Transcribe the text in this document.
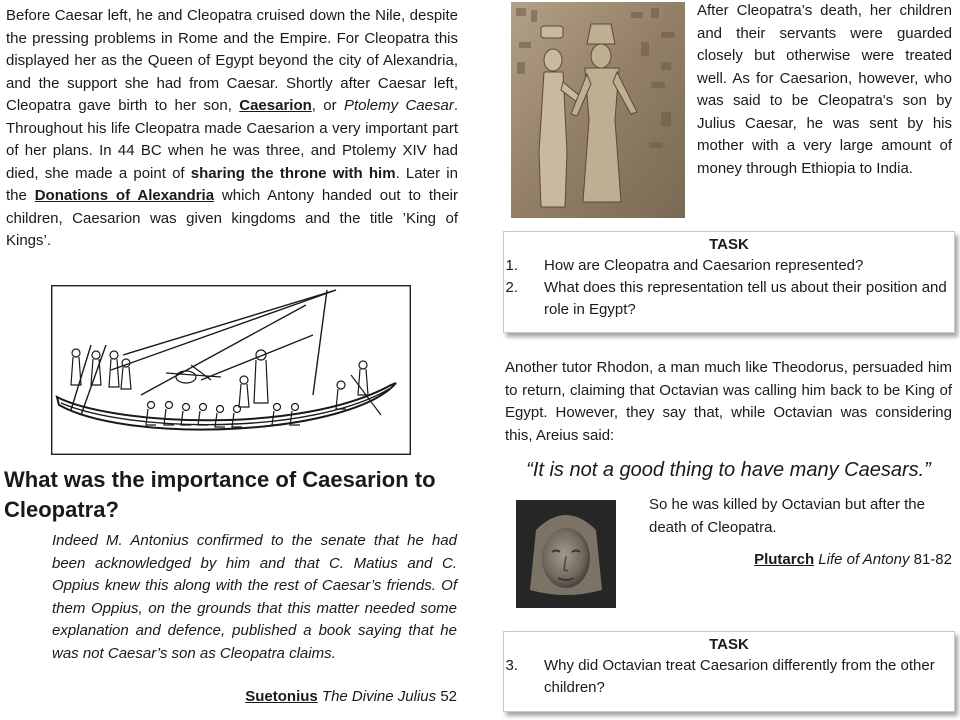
Before Caesar left, he and Cleopatra cruised down the Nile, despite the pressing problems in Rome and the Empire. For Cleopatra this displayed her as the Queen of Egypt beyond the city of Alexandria, and the support she had from Caesar. Shortly after Caesar left, Cleopatra gave birth to her son, Caesarion, or Ptolemy Caesar. Throughout his life Cleopatra made Caesarion a very important part of her plans. In 44 BC when he was three, and Ptolemy XIV had died, she made a point of sharing the throne with him. Later in the Donations of Alexandria which Antony handed out to their children, Caesarion was given kingdoms and the title ’King of Kings’.

After Cleopatra’s death, her children and their servants were guarded closely but otherwise were treated well. As for Caesarion, however, who was said to be Cleopatra's son by Julius Caesar, he was sent by his mother with a very large amount of money through Ethiopia to India.

TASK
1.	How are Cleopatra and Caesarion represented?
2.	What does this representation tell us about their position and role in Egypt?
What was the importance of Caesarion to Cleopatra?

Indeed M. Antonius confirmed to the senate that he had been acknowledged by him and that C. Matius and C. Oppius knew this along with the rest of Caesar’s friends. Of them Oppius, on the grounds that this matter needed some explanation and defence, published a book saying that he was not Caesar’s son as Cleopatra claims.

Suetonius The Divine Julius 52

Another tutor Rhodon, a man much like Theodorus, persuaded him to return, claiming that Octavian was calling him back to be King of Egypt. However, they say that, while Octavian was considering this, Areius said:

“It is not a good thing to have many Caesars.”

So he was killed by Octavian but after the death of Cleopatra.

Plutarch Life of Antony 81-82

TASK
3.	Why did Octavian treat Caesarion differently from the other children?
